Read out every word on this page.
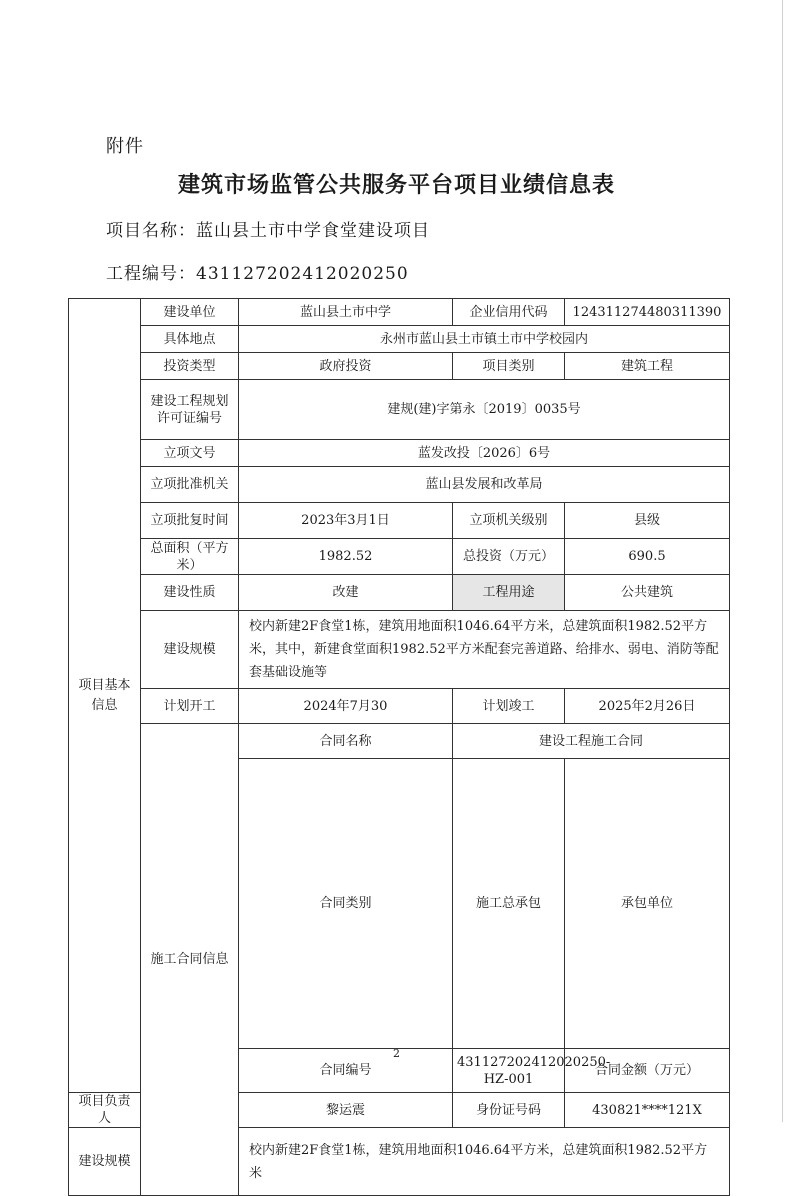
附件
建筑市场监管公共服务平台项目业绩信息表
项目名称：蓝山县土市中学食堂建设项目
工程编号：431127202412020250
项目基本信息	建设单位	蓝山县土市中学	企业信用代码	124311274480311390	
	具体地点	永州市蓝山县土市镇土市中学校园内			
	投资类型	政府投资	项目类别	建筑工程	
	建设工程规划许可证编号	建规(建)字第永〔2019〕0035号			
	立项文号	蓝发改投〔2026〕6号			
	立项批准机关	蓝山县发展和改革局			
	立项批复时间	2023年3月1日	立项机关级别	县级	
	总面积（平方米）	1982.52	总投资（万元）	690.5	
	建设性质	改建	工程用途	公共建筑	
	建设规模	校内新建2F食堂1栋，建筑用地面积1046.64平方米，总建筑面积1982.52平方米，其中，新建食堂面积1982.52平方米配套完善道路、给排水、弱电、消防等配套基础设施等			
	计划开工	2024年7月30	计划竣工	2025年2月26日	
	施工合同信息	合同名称	建设工程施工合同		
		合同类别	施工总承包	承包单位	
		合同编号	431127202412020250-HZ-001	合同金额（万元）	
项目负责人		黎运震	身份证号码	430821****121X	
建设规模		校内新建2F食堂1栋，建筑用地面积1046.64平方米，总建筑面积1982.52平方米			
2
